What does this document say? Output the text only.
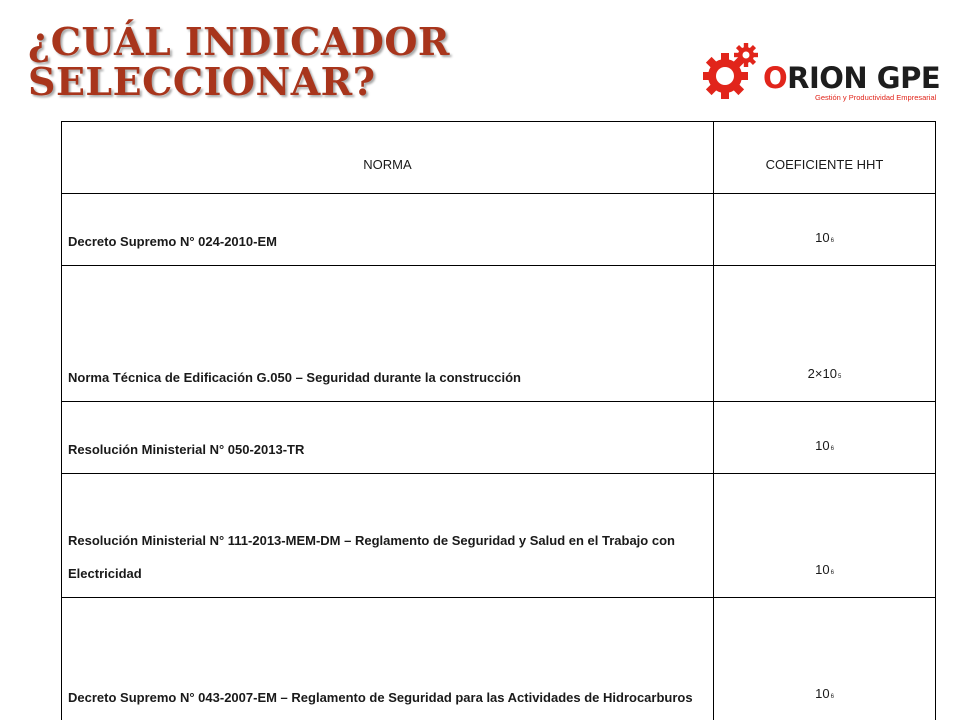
¿CUÁL INDICADOR
SELECCIONAR?	ORION GPE
Gestión y Productividad Empresarial
NORMA	COEFICIENTE HHT
Decreto Supremo N° 024-2010-EM	106
Norma Técnica de Edificación G.050 – Seguridad durante la construcción	2×105
Resolución Ministerial N° 050-2013-TR	106
Resolución Ministerial N° 111-2013-MEM-DM – Reglamento de Seguridad y Salud en el Trabajo con Electricidad	106
Decreto Supremo N° 043-2007-EM – Reglamento de Seguridad para las Actividades de Hidrocarburos	106
